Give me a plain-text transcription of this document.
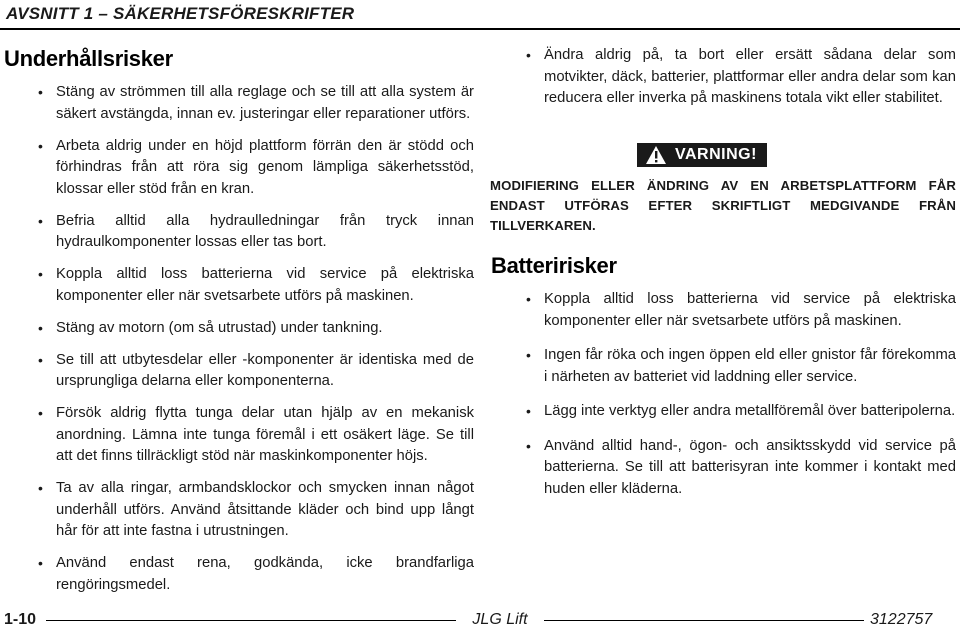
AVSNITT 1 – SÄKERHETSFÖRESKRIFTER
Underhållsrisker
• Stäng av strömmen till alla reglage och se till att alla system är säkert avstängda, innan ev. justeringar eller reparationer utförs.
• Arbeta aldrig under en höjd plattform förrän den är stödd och förhindras från att röra sig genom lämpliga säkerhetsstöd, klossar eller stöd från en kran.
• Befria alltid alla hydraulledningar från tryck innan hydraulkomponenter lossas eller tas bort.
• Koppla alltid loss batterierna vid service på elektriska komponenter eller när svetsarbete utförs på maskinen.
• Stäng av motorn (om så utrustad) under tankning.
• Se till att utbytesdelar eller -komponenter är identiska med de ursprungliga delarna eller komponenterna.
• Försök aldrig flytta tunga delar utan hjälp av en mekanisk anordning. Lämna inte tunga föremål i ett osäkert läge. Se till att det finns tillräckligt stöd när maskinkomponenter höjs.
• Ta av alla ringar, armbandsklockor och smycken innan något underhåll utförs. Använd åtsittande kläder och bind upp långt hår för att inte fastna i utrustningen.
• Använd endast rena, godkända, icke brandfarliga rengöringsmedel.
• Ändra aldrig på, ta bort eller ersätt sådana delar som motvikter, däck, batterier, plattformar eller andra delar som kan reducera eller inverka på maskinens totala vikt eller stabilitet.
VARNING!
MODIFIERING ELLER ÄNDRING AV EN ARBETSPLATTFORM FÅR ENDAST UTFÖRAS EFTER SKRIFTLIGT MEDGIVANDE FRÅN TILLVERKAREN.
Batteririsker
• Koppla alltid loss batterierna vid service på elektriska komponenter eller när svetsarbete utförs på maskinen.
• Ingen får röka och ingen öppen eld eller gnistor får förekomma i närheten av batteriet vid laddning eller service.
• Lägg inte verktyg eller andra metallföremål över batteripolerna.
• Använd alltid hand-, ögon- och ansiktsskydd vid service på batterierna. Se till att batterisyran inte kommer i kontakt med huden eller kläderna.
1-10	JLG Lift	3122757
